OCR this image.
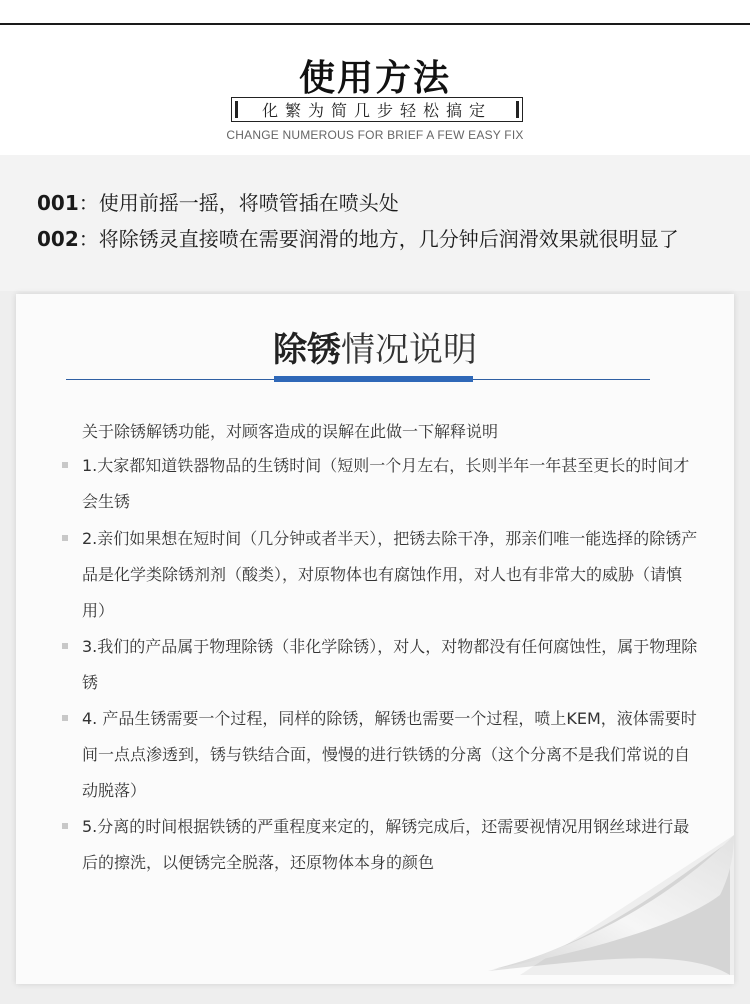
使用方法
化繁为简几步轻松搞定
CHANGE NUMEROUS FOR BRIEF A FEW EASY FIX
001：使用前摇一摇，将喷管插在喷头处
002：将除锈灵直接喷在需要润滑的地方，几分钟后润滑效果就很明显了
除锈情况说明
关于除锈解锈功能，对顾客造成的误解在此做一下解释说明
1.大家都知道铁器物品的生锈时间（短则一个月左右，长则半年一年甚至更长的时间才会生锈
2.亲们如果想在短时间（几分钟或者半天），把锈去除干净，那亲们唯一能选择的除锈产品是化学类除锈剂剂（酸类），对原物体也有腐蚀作用，对人也有非常大的威胁（请慎用）
3.我们的产品属于物理除锈（非化学除锈），对人，对物都没有任何腐蚀性，属于物理除锈
4. 产品生锈需要一个过程，同样的除锈，解锈也需要一个过程，喷上KEM，液体需要时间一点点渗透到，锈与铁结合面，慢慢的进行铁锈的分离（这个分离不是我们常说的自动脱落）
5.分离的时间根据铁锈的严重程度来定的，解锈完成后，还需要视情况用钢丝球进行最后的擦洗，以便锈完全脱落，还原物体本身的颜色
